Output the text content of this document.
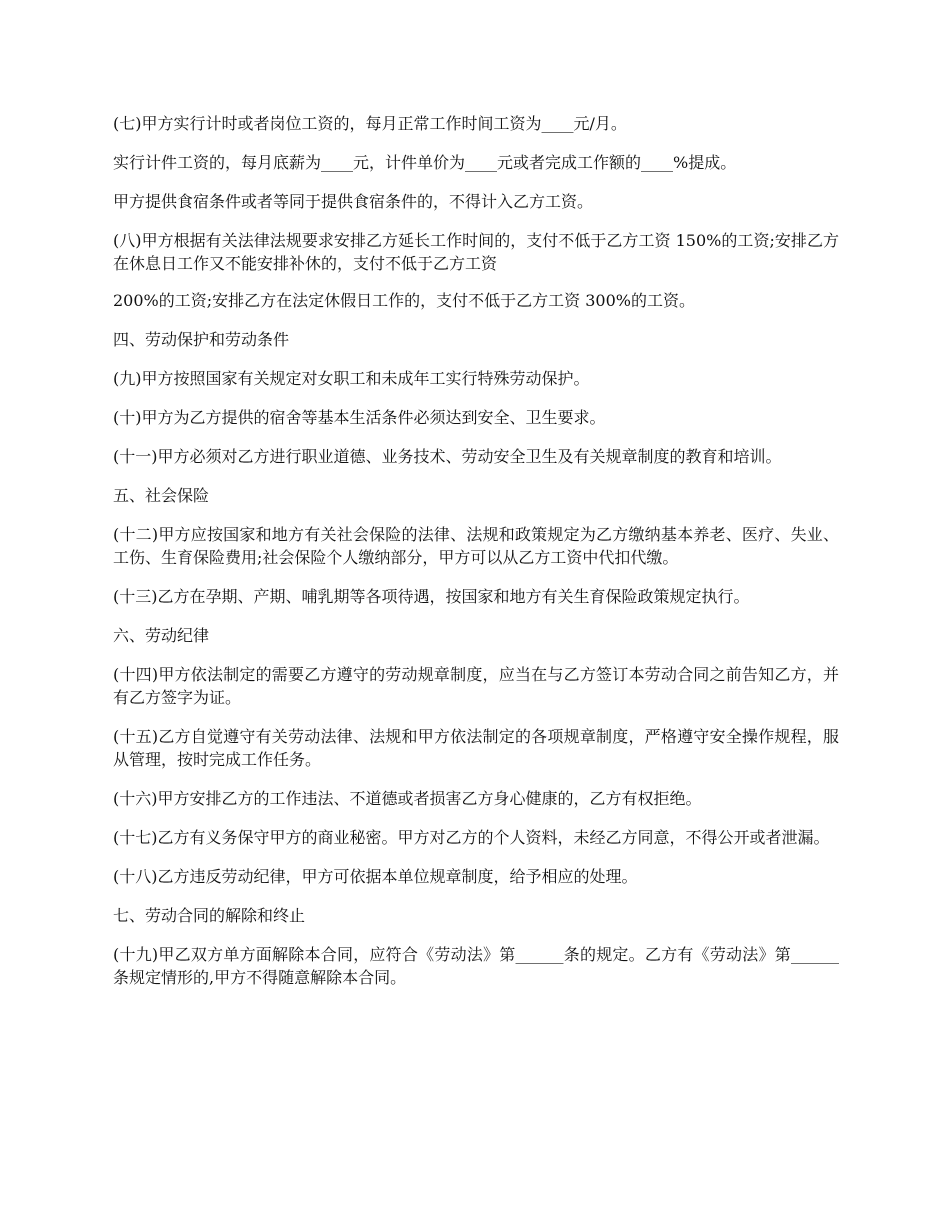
(七)甲方实行计时或者岗位工资的，每月正常工作时间工资为____元/月。

实行计件工资的，每月底薪为____元，计件单价为____元或者完成工作额的____%提成。

甲方提供食宿条件或者等同于提供食宿条件的，不得计入乙方工资。

(八)甲方根据有关法律法规要求安排乙方延长工作时间的，支付不低于乙方工资 150%的工资;安排乙方在休息日工作又不能安排补休的，支付不低于乙方工资

200%的工资;安排乙方在法定休假日工作的，支付不低于乙方工资 300%的工资。

四、劳动保护和劳动条件

(九)甲方按照国家有关规定对女职工和未成年工实行特殊劳动保护。

(十)甲方为乙方提供的宿舍等基本生活条件必须达到安全、卫生要求。

(十一)甲方必须对乙方进行职业道德、业务技术、劳动安全卫生及有关规章制度的教育和培训。

五、社会保险

(十二)甲方应按国家和地方有关社会保险的法律、法规和政策规定为乙方缴纳基本养老、医疗、失业、工伤、生育保险费用;社会保险个人缴纳部分，甲方可以从乙方工资中代扣代缴。

(十三)乙方在孕期、产期、哺乳期等各项待遇，按国家和地方有关生育保险政策规定执行。

六、劳动纪律

(十四)甲方依法制定的需要乙方遵守的劳动规章制度，应当在与乙方签订本劳动合同之前告知乙方，并有乙方签字为证。

(十五)乙方自觉遵守有关劳动法律、法规和甲方依法制定的各项规章制度，严格遵守安全操作规程，服从管理，按时完成工作任务。

(十六)甲方安排乙方的工作违法、不道德或者损害乙方身心健康的，乙方有权拒绝。

(十七)乙方有义务保守甲方的商业秘密。甲方对乙方的个人资料，未经乙方同意，不得公开或者泄漏。

(十八)乙方违反劳动纪律，甲方可依据本单位规章制度，给予相应的处理。

七、劳动合同的解除和终止

(十九)甲乙双方单方面解除本合同，应符合《劳动法》第______条的规定。乙方有《劳动法》第______条规定情形的,甲方不得随意解除本合同。
